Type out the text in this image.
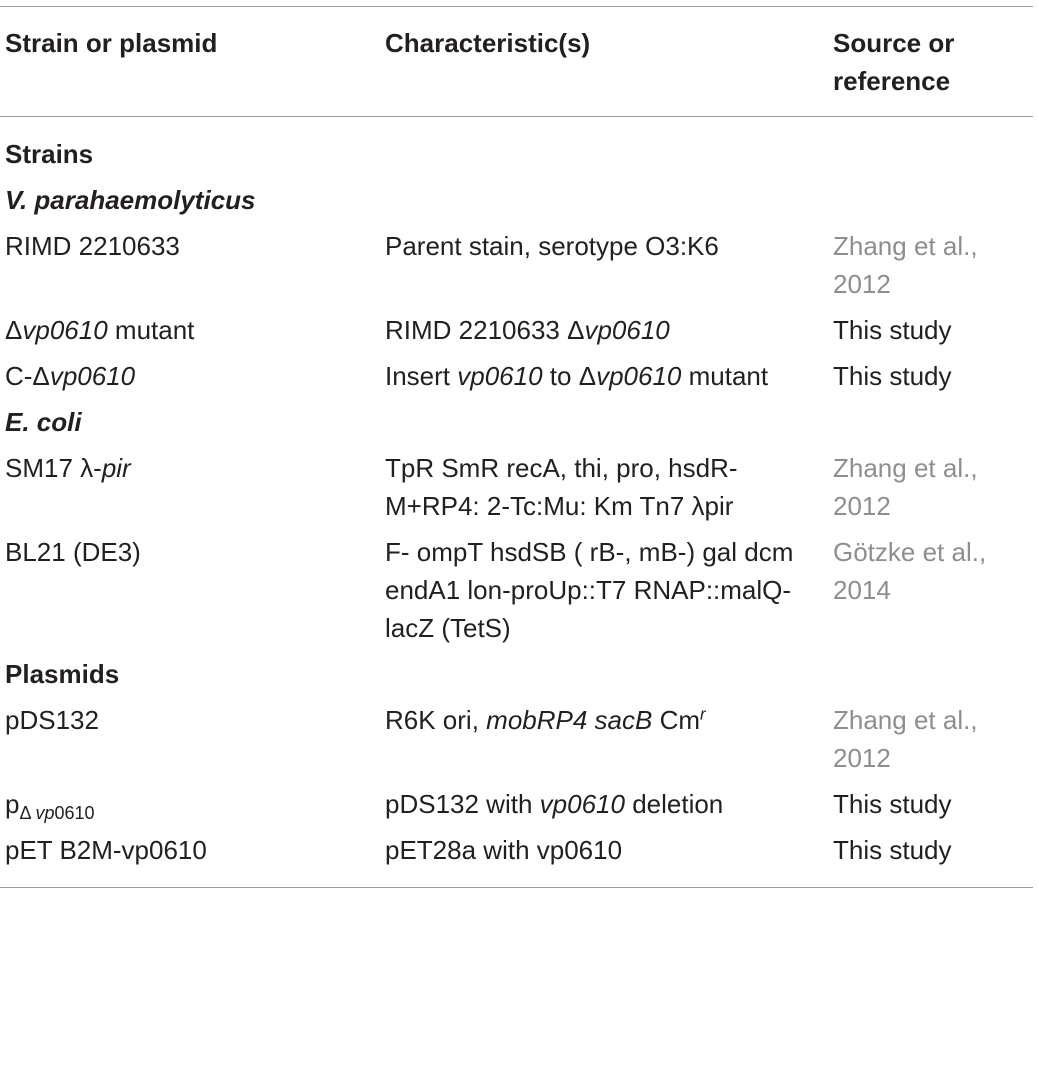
Strain or plasmid	Characteristic(s)	Source or reference
Strains		
V. parahaemolyticus		
RIMD 2210633	Parent stain, serotype O3:K6	Zhang et al., 2012
Δvp0610 mutant	RIMD 2210633 Δvp0610	This study
C-Δvp0610	Insert vp0610 to Δvp0610 mutant	This study
E. coli		
SM17 λ-pir	TpR SmR recA, thi, pro, hsdR-M+RP4: 2-Tc:Mu: Km Tn7 λpir	Zhang et al., 2012
BL21 (DE3)	F- ompT hsdSB ( rB-, mB-) gal dcm endA1 lon-proUp::T7 RNAP::malQ-lacZ (TetS)	Götzke et al., 2014
Plasmids		
pDS132	R6K ori, mobRP4 sacB Cm$^r$	Zhang et al., 2012
$p_{\Delta vp0610}$	pDS132 with vp0610 deletion	This study
pET B2M-vp0610	pET28a with vp0610	This study
